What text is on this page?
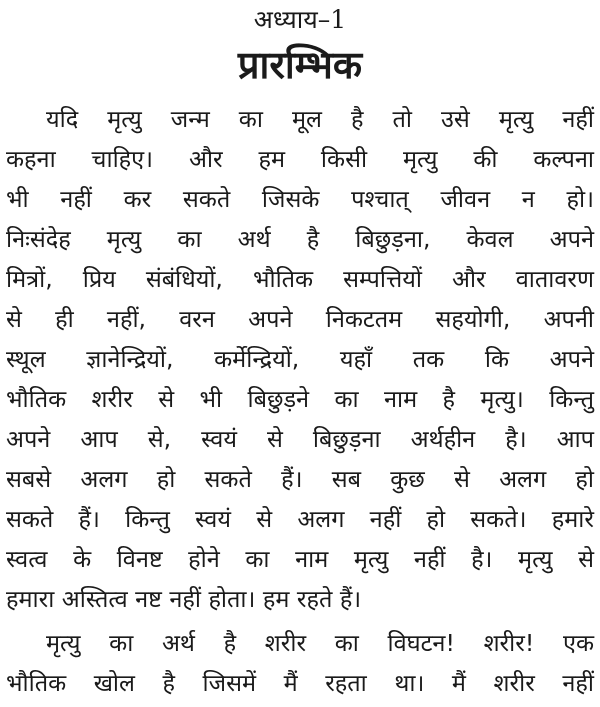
अध्याय–1
प्रारम्भिक
यदि मृत्यु जन्म का मूल है तो उसे मृत्यु नहीं
कहना चाहिए। और हम किसी मृत्यु की कल्पना
भी नहीं कर सकते जिसके पश्चात् जीवन न हो।
निःसंदेह मृत्यु का अर्थ है बिछुड़ना, केवल अपने
मित्रों, प्रिय संबंधियों, भौतिक सम्पत्तियों और वातावरण
से ही नहीं, वरन अपने निकटतम सहयोगी, अपनी
स्थूल ज्ञानेन्द्रियों, कर्मेन्द्रियों, यहाँ तक कि अपने
भौतिक शरीर से भी बिछुड़ने का नाम है मृत्यु। किन्तु
अपने आप से, स्वयं से बिछुड़ना अर्थहीन है। आप
सबसे अलग हो सकते हैं। सब कुछ से अलग हो
सकते हैं। किन्तु स्वयं से अलग नहीं हो सकते। हमारे
स्वत्व के विनष्ट होने का नाम मृत्यु नहीं है। मृत्यु से
हमारा अस्तित्व नष्ट नहीं होता। हम रहते हैं।
मृत्यु का अर्थ है शरीर का विघटन! शरीर! एक
भौतिक खोल है जिसमें मैं रहता था। मैं शरीर नहीं
